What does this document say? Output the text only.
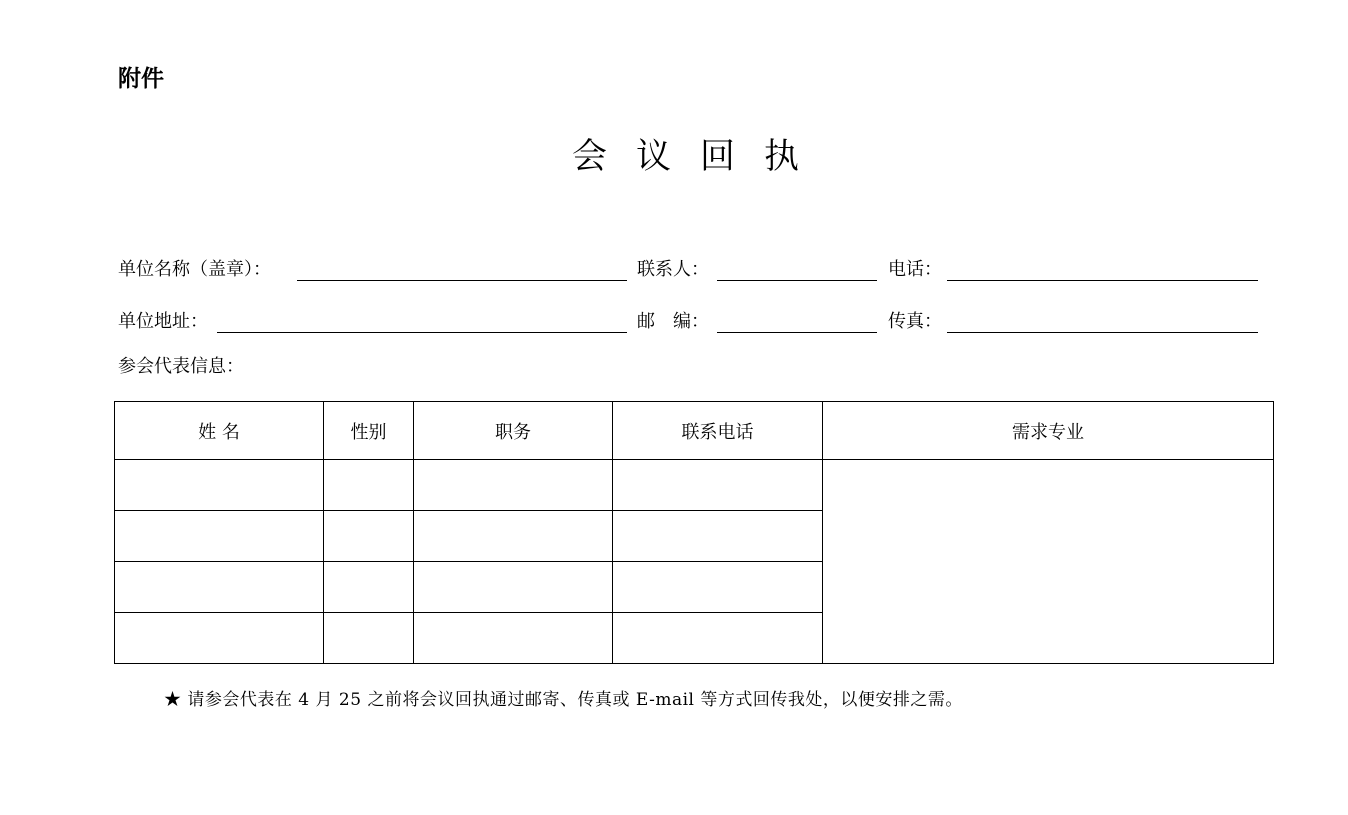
附件
会议回执
单位名称（盖章）：	联系人：	电话：
单位地址：	邮　编：	传真：
参会代表信息：
姓 名	性别	职务	联系电话	需求专业

★ 请参会代表在 4 月 25 之前将会议回执通过邮寄、传真或 E-mail 等方式回传我处，以便安排之需。
